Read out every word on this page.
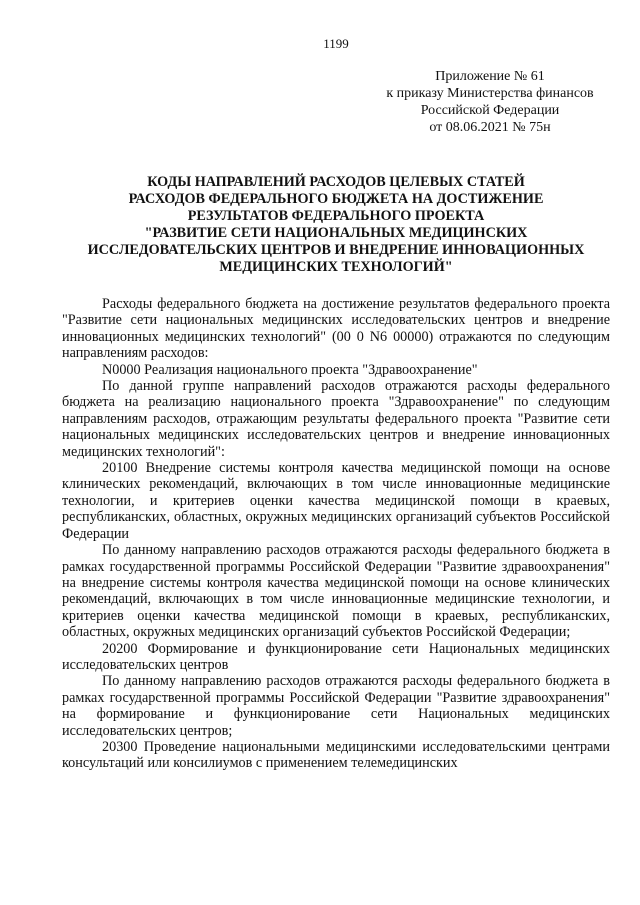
1199
Приложение № 61
к приказу Министерства финансов
Российской Федерации
от 08.06.2021 № 75н
КОДЫ НАПРАВЛЕНИЙ РАСХОДОВ ЦЕЛЕВЫХ СТАТЕЙ
РАСХОДОВ ФЕДЕРАЛЬНОГО БЮДЖЕТА НА ДОСТИЖЕНИЕ
РЕЗУЛЬТАТОВ ФЕДЕРАЛЬНОГО ПРОЕКТА
"РАЗВИТИЕ СЕТИ НАЦИОНАЛЬНЫХ МЕДИЦИНСКИХ
ИССЛЕДОВАТЕЛЬСКИХ ЦЕНТРОВ И ВНЕДРЕНИЕ ИННОВАЦИОННЫХ
МЕДИЦИНСКИХ ТЕХНОЛОГИЙ"

Расходы федерального бюджета на достижение результатов федерального проекта "Развитие сети национальных медицинских исследовательских центров и внедрение инновационных медицинских технологий" (00 0 N6 00000) отражаются по следующим направлениям расходов:

N0000 Реализация национального проекта "Здравоохранение"

По данной группе направлений расходов отражаются расходы федерального бюджета на реализацию национального проекта "Здравоохранение" по следующим направлениям расходов, отражающим результаты федерального проекта "Развитие сети национальных медицинских исследовательских центров и внедрение инновационных медицинских технологий":

20100 Внедрение системы контроля качества медицинской помощи на основе клинических рекомендаций, включающих в том числе инновационные медицинские технологии, и критериев оценки качества медицинской помощи в краевых, республиканских, областных, окружных медицинских организаций субъектов Российской Федерации

По данному направлению расходов отражаются расходы федерального бюджета в рамках государственной программы Российской Федерации "Развитие здравоохранения" на внедрение системы контроля качества медицинской помощи на основе клинических рекомендаций, включающих в том числе инновационные медицинские технологии, и критериев оценки качества медицинской помощи в краевых, республиканских, областных, окружных медицинских организаций субъектов Российской Федерации;

20200 Формирование и функционирование сети Национальных медицинских исследовательских центров

По данному направлению расходов отражаются расходы федерального бюджета в рамках государственной программы Российской Федерации "Развитие здравоохранения" на формирование и функционирование сети Национальных медицинских исследовательских центров;

20300 Проведение национальными медицинскими исследовательскими центрами консультаций или консилиумов с применением телемедицинских
